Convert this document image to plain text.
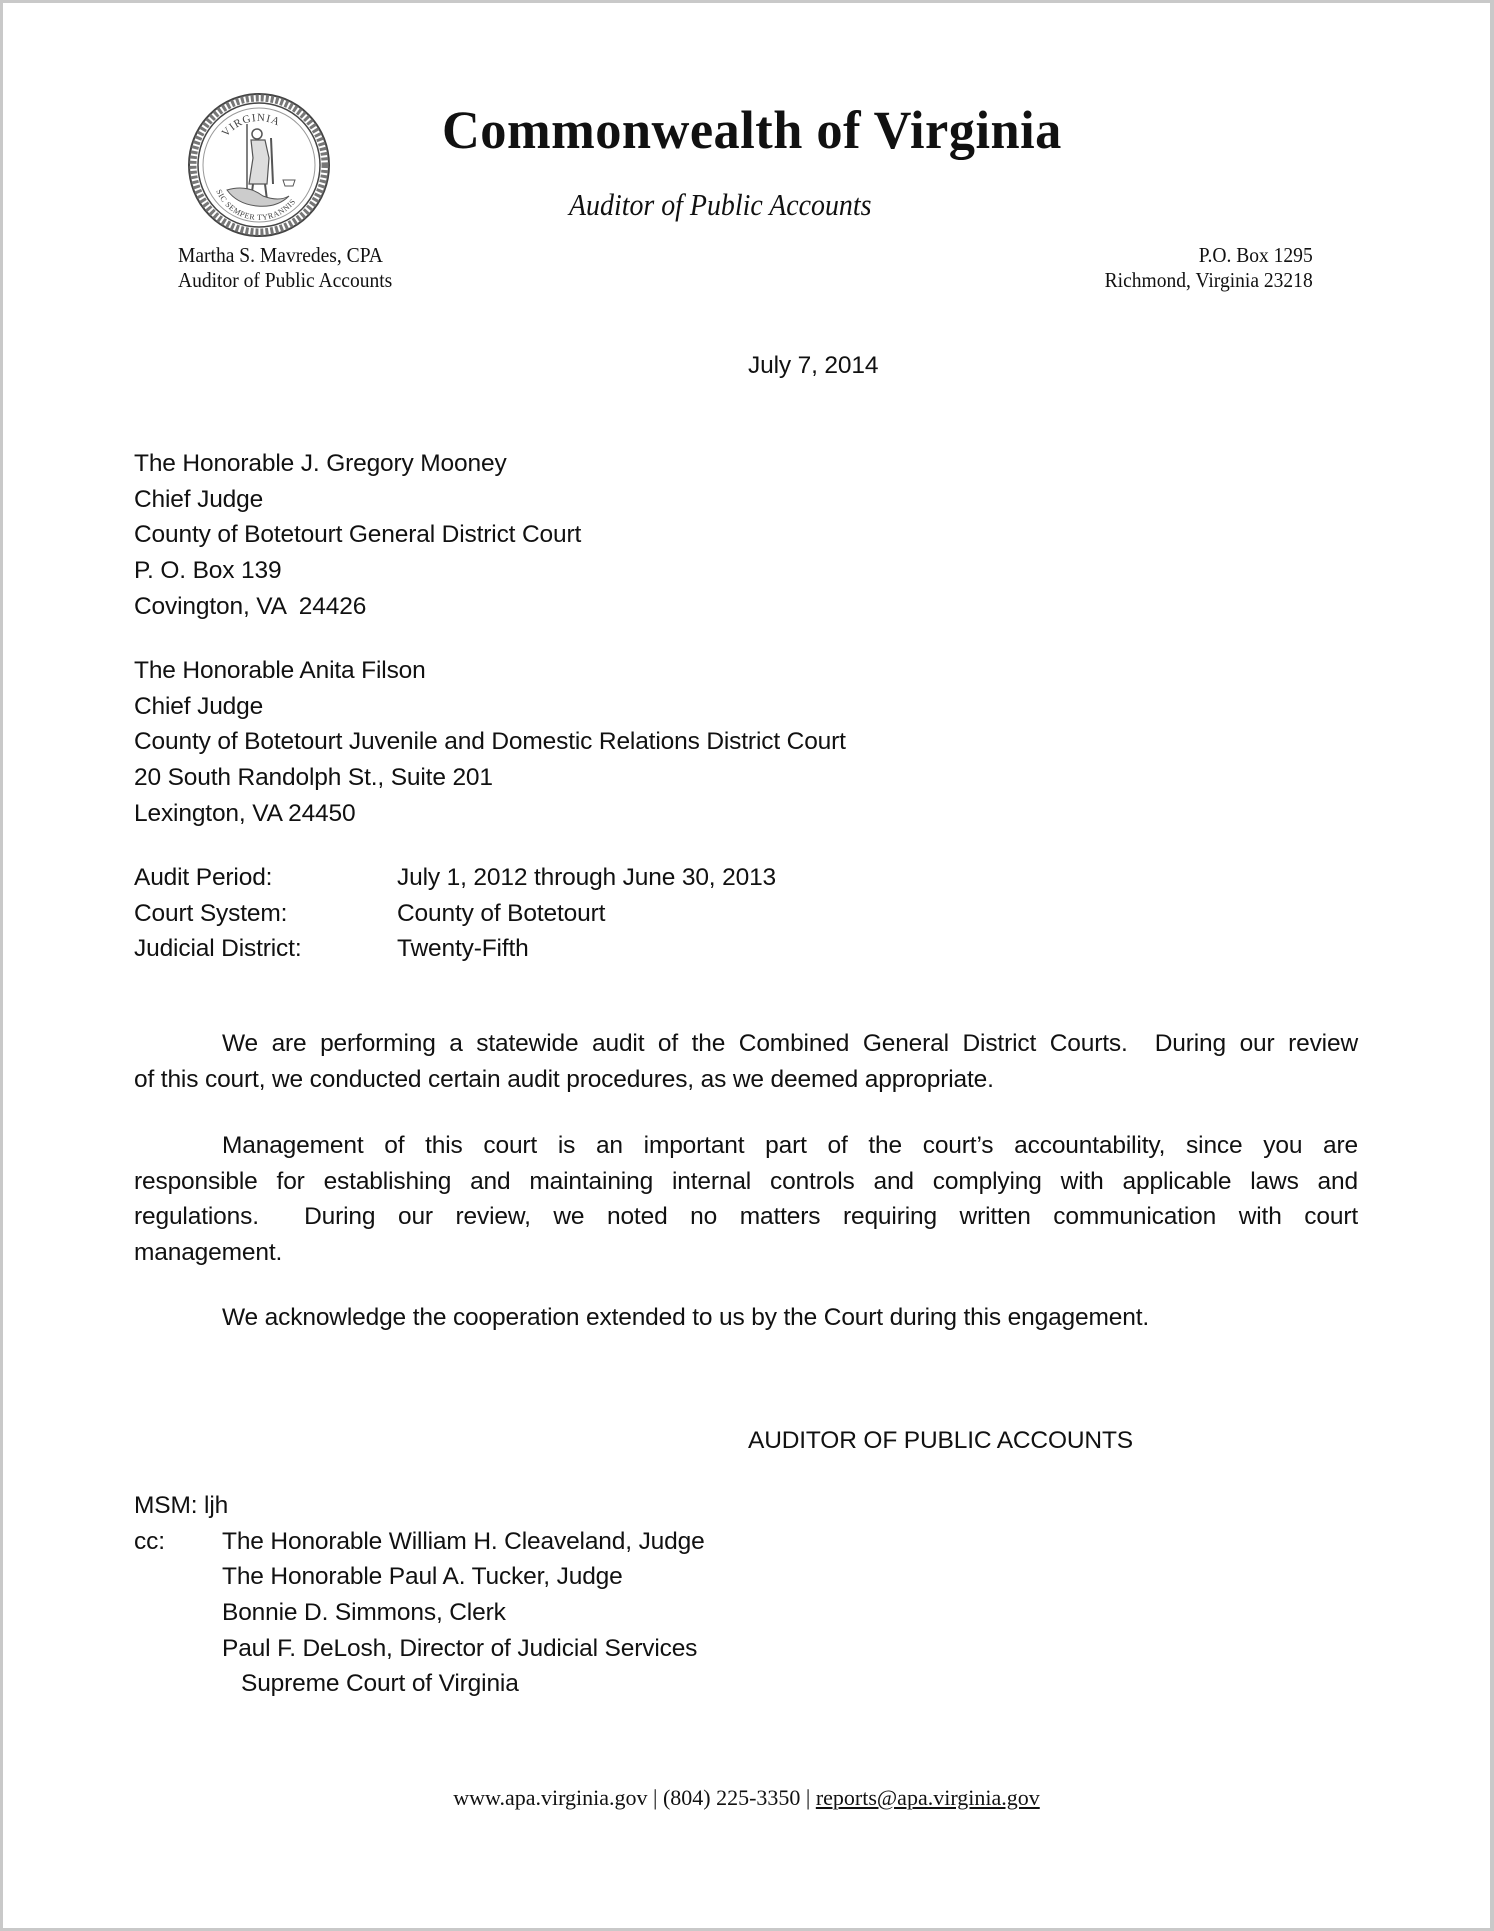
VIRGINIA
SIC SEMPER TYRANNIS
Commonwealth of Virginia
Auditor of Public Accounts
Martha S. Mavredes, CPA
Auditor of Public Accounts
P.O. Box 1295
Richmond, Virginia 23218
July 7, 2014
The Honorable J. Gregory Mooney
Chief Judge
County of Botetourt General District Court
P. O. Box 139
Covington, VA  24426
The Honorable Anita Filson
Chief Judge
County of Botetourt Juvenile and Domestic Relations District Court
20 South Randolph St., Suite 201
Lexington, VA 24450
Audit Period:	July 1, 2012 through June 30, 2013
Court System:	County of Botetourt
Judicial District:	Twenty-Fifth
We are performing a statewide audit of the Combined General District Courts.  During our review
of this court, we conducted certain audit procedures, as we deemed appropriate.
Management of this court is an important part of the court’s accountability, since you are
responsible for establishing and maintaining internal controls and complying with applicable laws and
regulations.  During our review, we noted no matters requiring written communication with court
management.
We acknowledge the cooperation extended to us by the Court during this engagement.
AUDITOR OF PUBLIC ACCOUNTS
MSM: ljh
cc:	The Honorable William H. Cleaveland, Judge
The Honorable Paul A. Tucker, Judge
Bonnie D. Simmons, Clerk
Paul F. DeLosh, Director of Judicial Services
Supreme Court of Virginia
www.apa.virginia.gov | (804) 225-3350 | reports@apa.virginia.gov
